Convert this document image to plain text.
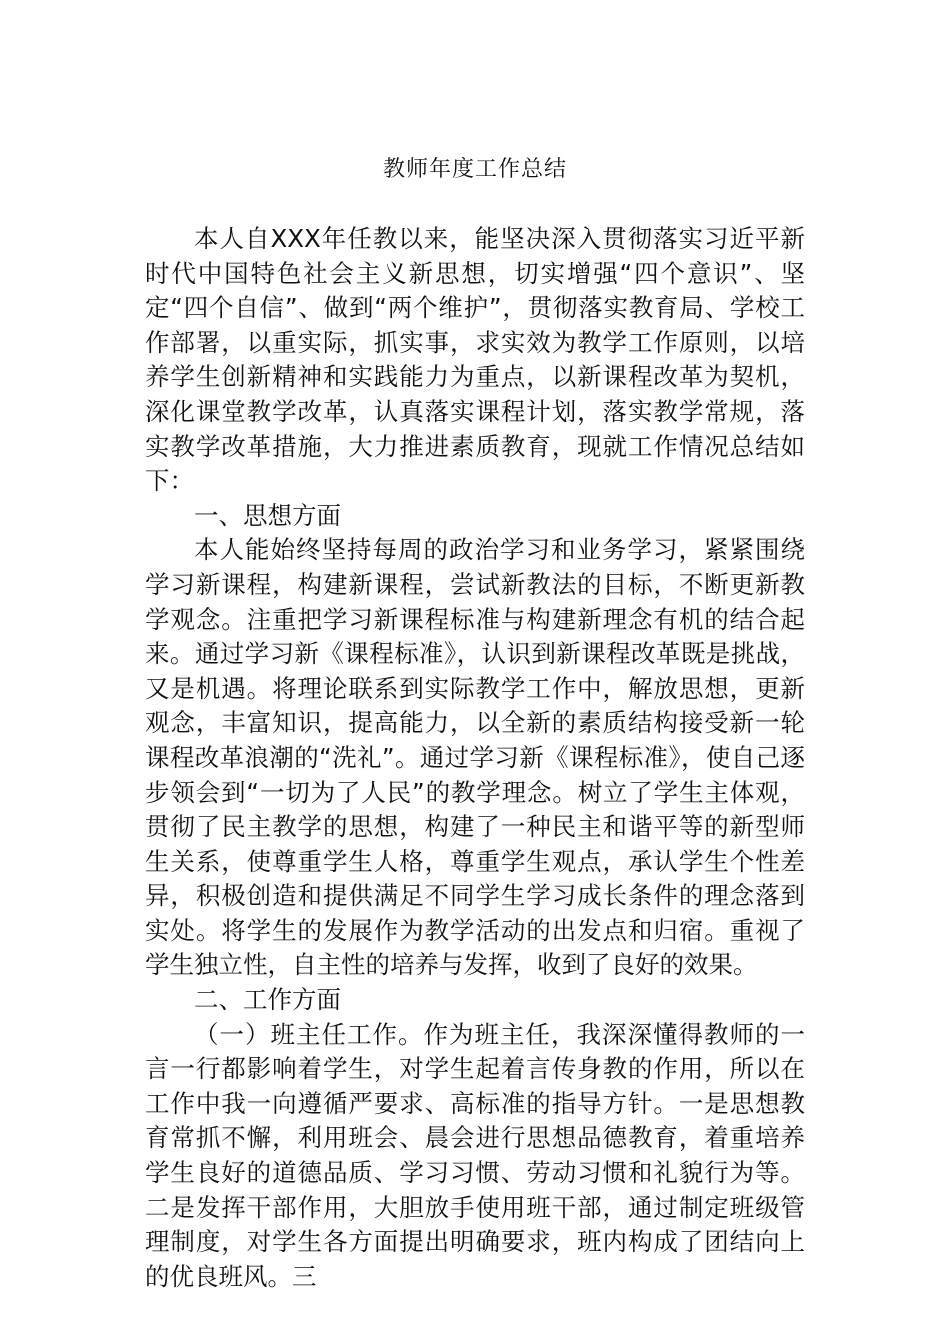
教师年度工作总结

本人自XXX年任教以来，能坚决深入贯彻落实习近平新时代中国特色社会主义新思想，切实增强“四个意识”、坚定“四个自信”、做到“两个维护”，贯彻落实教育局、学校工作部署，以重实际，抓实事，求实效为教学工作原则，以培养学生创新精神和实践能力为重点，以新课程改革为契机，深化课堂教学改革，认真落实课程计划，落实教学常规，落实教学改革措施，大力推进素质教育，现就工作情况总结如下：

一、思想方面

本人能始终坚持每周的政治学习和业务学习，紧紧围绕学习新课程，构建新课程，尝试新教法的目标，不断更新教学观念。注重把学习新课程标准与构建新理念有机的结合起来。通过学习新《课程标准》，认识到新课程改革既是挑战，又是机遇。将理论联系到实际教学工作中，解放思想，更新观念，丰富知识，提高能力，以全新的素质结构接受新一轮课程改革浪潮的“洗礼”。通过学习新《课程标准》，使自己逐步领会到“一切为了人民”的教学理念。树立了学生主体观，贯彻了民主教学的思想，构建了一种民主和谐平等的新型师生关系，使尊重学生人格，尊重学生观点，承认学生个性差异，积极创造和提供满足不同学生学习成长条件的理念落到实处。将学生的发展作为教学活动的出发点和归宿。重视了学生独立性，自主性的培养与发挥，收到了良好的效果。

二、工作方面

（一）班主任工作。作为班主任，我深深懂得教师的一言一行都影响着学生，对学生起着言传身教的作用，所以在工作中我一向遵循严要求、高标准的指导方针。一是思想教育常抓不懈，利用班会、晨会进行思想品德教育，着重培养学生良好的道德品质、学习习惯、劳动习惯和礼貌行为等。二是发挥干部作用，大胆放手使用班干部，通过制定班级管理制度，对学生各方面提出明确要求，班内构成了团结向上的优良班风。三
